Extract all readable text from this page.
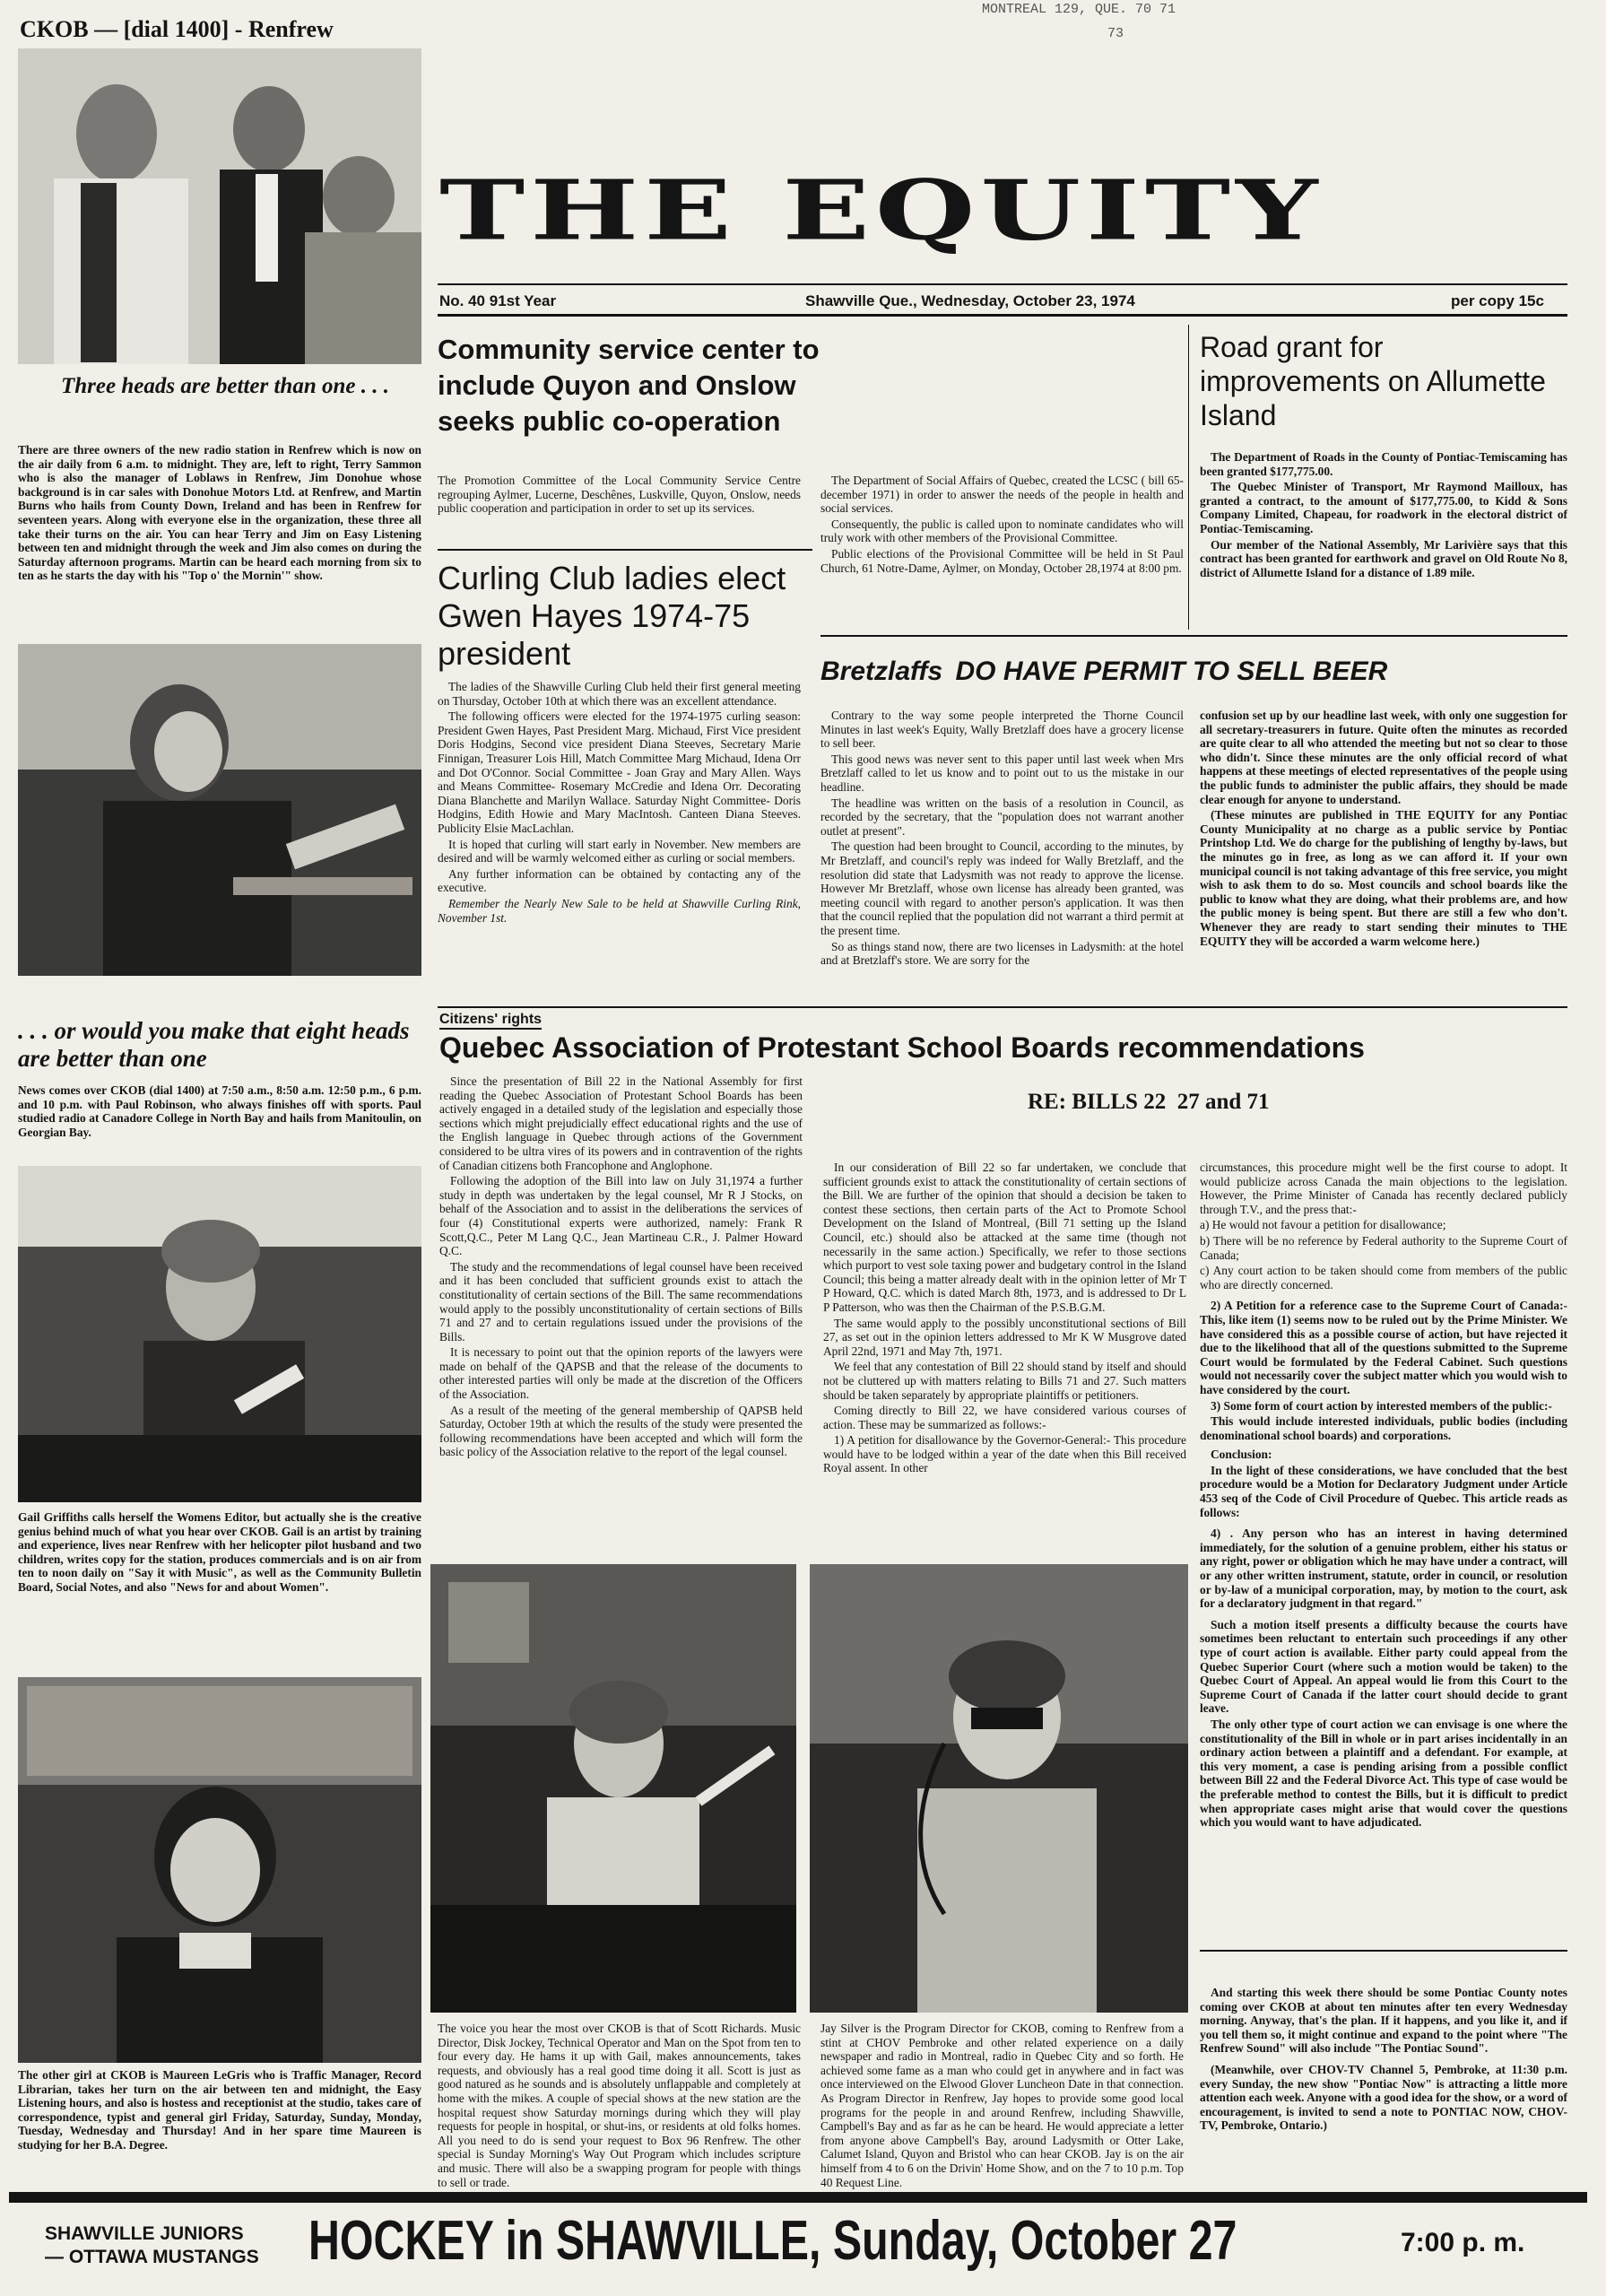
MONTREAL 129, QUE. 70 71
73
CKOB — [dial 1400] - Renfrew
Three heads are better than one . . .
There are three owners of the new radio station in Renfrew which is now on the air daily from 6 a.m. to midnight. They are, left to right, Terry Sammon who is also the manager of Loblaws in Renfrew, Jim Donohue whose background is in car sales with Donohue Motors Ltd. at Renfrew, and Martin Burns who hails from County Down, Ireland and has been in Renfrew for seventeen years. Along with everyone else in the organization, these three all take their turns on the air. You can hear Terry and Jim on Easy Listening between ten and midnight through the week and Jim also comes on during the Saturday afternoon programs. Martin can be heard each morning from six to ten as he starts the day with his "Top o' the Mornin'" show.
. . . or would you make that eight heads are better than one
News comes over CKOB (dial 1400) at 7:50 a.m., 8:50 a.m. 12:50 p.m., 6 p.m. and 10 p.m. with Paul Robinson, who always finishes off with sports. Paul studied radio at Canadore College in North Bay and hails from Manitoulin, on Georgian Bay.
Gail Griffiths calls herself the Womens Editor, but actually she is the creative genius behind much of what you hear over CKOB. Gail is an artist by training and experience, lives near Renfrew with her helicopter pilot husband and two children, writes copy for the station, produces commercials and is on air from ten to noon daily on "Say it with Music", as well as the Community Bulletin Board, Social Notes, and also "News for and about Women".
The other girl at CKOB is Maureen LeGris who is Traffic Manager, Record Librarian, takes her turn on the air between ten and midnight, the Easy Listening hours, and also is hostess and receptionist at the studio, takes care of correspondence, typist and general girl Friday, Saturday, Sunday, Monday, Tuesday, Wednesday and Thursday! And in her spare time Maureen is studying for her B.A. Degree.
THE EQUITY
No. 40 91st Year	Shawville Que., Wednesday, October 23, 1974	per copy 15c
Community service center to include Quyon and Onslow seeks public co-operation
The Promotion Committee of the Local Community Service Centre regrouping Aylmer, Lucerne, Deschênes, Luskville, Quyon, Onslow, needs public cooperation and participation in order to set up its services.

The Department of Social Affairs of Quebec, created the LCSC ( bill 65- december 1971) in order to answer the needs of the people in health and social services.

Consequently, the public is called upon to nominate candidates who will truly work with other members of the Provisional Committee.

Public elections of the Provisional Committee will be held in St Paul Church, 61 Notre-Dame, Aylmer, on Monday, October 28,1974 at 8:00 pm.

Road grant for improvements on Allumette Island

The Department of Roads in the County of Pontiac-Temiscaming has been granted $177,775.00.

The Quebec Minister of Transport, Mr Raymond Mailloux, has granted a contract, to the amount of $177,775.00, to Kidd & Sons Company Limited, Chapeau, for roadwork in the electoral district of Pontiac-Temiscaming.

Our member of the National Assembly, Mr Larivière says that this contract has been granted for earthwork and gravel on Old Route No 8, district of Allumette Island for a distance of 1.89 mile.

Curling Club ladies elect Gwen Hayes 1974-75 president

The ladies of the Shawville Curling Club held their first general meeting on Thursday, October 10th at which there was an excellent attendance.

The following officers were elected for the 1974-1975 curling season: President Gwen Hayes, Past President Marg. Michaud, First Vice president Doris Hodgins, Second vice president Diana Steeves, Secretary Marie Finnigan, Treasurer Lois Hill, Match Committee Marg Michaud, Idena Orr and Dot O'Connor. Social Committee - Joan Gray and Mary Allen. Ways and Means Committee- Rosemary McCredie and Idena Orr. Decorating Diana Blanchette and Marilyn Wallace. Saturday Night Committee- Doris Hodgins, Edith Howie and Mary MacIntosh. Canteen Diana Steeves. Publicity Elsie MacLachlan.

It is hoped that curling will start early in November. New members are desired and will be warmly welcomed either as curling or social members.

Any further information can be obtained by contacting any of the executive.

Remember the Nearly New Sale to be held at Shawville Curling Rink, November 1st.

Bretzlaffs DO HAVE PERMIT TO SELL BEER

Contrary to the way some people interpreted the Thorne Council Minutes in last week's Equity, Wally Bretzlaff does have a grocery license to sell beer.

This good news was never sent to this paper until last week when Mrs Bretzlaff called to let us know and to point out to us the mistake in our headline.

The headline was written on the basis of a resolution in Council, as recorded by the secretary, that the "population does not warrant another outlet at present".

The question had been brought to Council, according to the minutes, by Mr Bretzlaff, and council's reply was indeed for Wally Bretzlaff, and the resolution did state that Ladysmith was not ready to approve the license. However Mr Bretzlaff, whose own license has already been granted, was meeting council with regard to another person's application. It was then that the council replied that the population did not warrant a third permit at the present time.

So as things stand now, there are two licenses in Ladysmith: at the hotel and at Bretzlaff's store. We are sorry for the

confusion set up by our headline last week, with only one suggestion for all secretary-treasurers in future. Quite often the minutes as recorded are quite clear to all who attended the meeting but not so clear to those who didn't. Since these minutes are the only official record of what happens at these meetings of elected representatives of the people using the public funds to administer the public affairs, they should be made clear enough for anyone to understand.

(These minutes are published in THE EQUITY for any Pontiac County Municipality at no charge as a public service by Pontiac Printshop Ltd. We do charge for the publishing of lengthy by-laws, but the minutes go in free, as long as we can afford it. If your own municipal council is not taking advantage of this free service, you might wish to ask them to do so. Most councils and school boards like the public to know what they are doing, what their problems are, and how the public money is being spent. But there are still a few who don't. Whenever they are ready to start sending their minutes to THE EQUITY they will be accorded a warm welcome here.)

Citizens' rights
Quebec Association of Protestant School Boards recommendations
RE: BILLS 22  27 and 71

Since the presentation of Bill 22 in the National Assembly for first reading the Quebec Association of Protestant School Boards has been actively engaged in a detailed study of the legislation and especially those sections which might prejudicially effect educational rights and the use of the English language in Quebec through actions of the Government considered to be ultra vires of its powers and in contravention of the rights of Canadian citizens both Francophone and Anglophone.

Following the adoption of the Bill into law on July 31,1974 a further study in depth was undertaken by the legal counsel, Mr R J Stocks, on behalf of the Association and to assist in the deliberations the services of four (4) Constitutional experts were authorized, namely: Frank R Scott,Q.C., Peter M Lang Q.C., Jean Martineau C.R., J. Palmer Howard Q.C.

The study and the recommendations of legal counsel have been received and it has been concluded that sufficient grounds exist to attach the constitutionality of certain sections of the Bill. The same recommendations would apply to the possibly unconstitutionality of certain sections of Bills 71 and 27 and to certain regulations issued under the provisions of the Bills.

It is necessary to point out that the opinion reports of the lawyers were made on behalf of the QAPSB and that the release of the documents to other interested parties will only be made at the discretion of the Officers of the Association.

As a result of the meeting of the general membership of QAPSB held Saturday, October 19th at which the results of the study were presented the following recommendations have been accepted and which will form the basic policy of the Association relative to the report of the legal counsel.

In our consideration of Bill 22 so far undertaken, we conclude that sufficient grounds exist to attack the constitutionality of certain sections of the Bill. We are further of the opinion that should a decision be taken to contest these sections, then certain parts of the Act to Promote School Development on the Island of Montreal, (Bill 71 setting up the Island Council, etc.) should also be attacked at the same time (though not necessarily in the same action.) Specifically, we refer to those sections which purport to vest sole taxing power and budgetary control in the Island Council; this being a matter already dealt with in the opinion letter of Mr T P Howard, Q.C. which is dated March 8th, 1973, and is addressed to Dr L P Patterson, who was then the Chairman of the P.S.B.G.M.

The same would apply to the possibly unconstitutional sections of Bill 27, as set out in the opinion letters addressed to Mr K W Musgrove dated April 22nd, 1971 and May 7th, 1971.

We feel that any contestation of Bill 22 should stand by itself and should not be cluttered up with matters relating to Bills 71 and 27. Such matters should be taken separately by appropriate plaintiffs or petitioners.

Coming directly to Bill 22, we have considered various courses of action. These may be summarized as follows:-

1) A petition for disallowance by the Governor-General:- This procedure would have to be lodged within a year of the date when this Bill received Royal assent. In other

circumstances, this procedure might well be the first course to adopt. It would publicize across Canada the main objections to the legislation. However, the Prime Minister of Canada has recently declared publicly through T.V., and the press that:-

a) He would not favour a petition for disallowance;

b) There will be no reference by Federal authority to the Supreme Court of Canada;

c) Any court action to be taken should come from members of the public who are directly concerned.

2) A Petition for a reference case to the Supreme Court of Canada:- This, like item (1) seems now to be ruled out by the Prime Minister. We have considered this as a possible course of action, but have rejected it due to the likelihood that all of the questions submitted to the Supreme Court would be formulated by the Federal Cabinet. Such questions would not necessarily cover the subject matter which you would wish to have considered by the court.

3) Some form of court action by interested members of the public:-

This would include interested individuals, public bodies (including denominational school boards) and corporations.

Conclusion:

In the light of these considerations, we have concluded that the best procedure would be a Motion for Declaratory Judgment under Article 453 seq of the Code of Civil Procedure of Quebec. This article reads as follows:

4) . Any person who has an interest in having determined immediately, for the solution of a genuine problem, either his status or any right, power or obligation which he may have under a contract, will or any other written instrument, statute, order in council, or resolution or by-law of a municipal corporation, may, by motion to the court, ask for a declaratory judgment in that regard."

Such a motion itself presents a difficulty because the courts have sometimes been reluctant to entertain such proceedings if any other type of court action is available. Either party could appeal from the Quebec Superior Court (where such a motion would be taken) to the Quebec Court of Appeal. An appeal would lie from this Court to the Supreme Court of Canada if the latter court should decide to grant leave.

The only other type of court action we can envisage is one where the constitutionality of the Bill in whole or in part arises incidentally in an ordinary action between a plaintiff and a defendant. For example, at this very moment, a case is pending arising from a possible conflict between Bill 22 and the Federal Divorce Act. This type of case would be the preferable method to contest the Bills, but it is difficult to predict when appropriate cases might arise that would cover the questions which you would want to have adjudicated.

The voice you hear the most over CKOB is that of Scott Richards. Music Director, Disk Jockey, Technical Operator and Man on the Spot from ten to four every day. He hams it up with Gail, makes announcements, takes requests, and obviously has a real good time doing it all. Scott is just as good natured as he sounds and is absolutely unflappable and completely at home with the mikes. A couple of special shows at the new station are the hospital request show Saturday mornings during which they will play requests for people in hospital, or shut-ins, or residents at old folks homes. All you need to do is send your request to Box 96 Renfrew. The other special is Sunday Morning's Way Out Program which includes scripture and music. There will also be a swapping program for people with things to sell or trade.
Jay Silver is the Program Director for CKOB, coming to Renfrew from a stint at CHOV Pembroke and other related experience on a daily newspaper and radio in Montreal, radio in Quebec City and so forth. He achieved some fame as a man who could get in anywhere and in fact was once interviewed on the Elwood Glover Luncheon Date in that connection. As Program Director in Renfrew, Jay hopes to provide some good local programs for the people in and around Renfrew, including Shawville, Campbell's Bay and as far as he can be heard. He would appreciate a letter from anyone above Campbell's Bay, around Ladysmith or Otter Lake, Calumet Island, Quyon and Bristol who can hear CKOB. Jay is on the air himself from 4 to 6 on the Drivin' Home Show, and on the 7 to 10 p.m. Top 40 Request Line.

And starting this week there should be some Pontiac County notes coming over CKOB at about ten minutes after ten every Wednesday morning. Anyway, that's the plan. If it happens, and you like it, and if you tell them so, it might continue and expand to the point where "The Renfrew Sound" will also include "The Pontiac Sound".

(Meanwhile, over CHOV-TV Channel 5, Pembroke, at 11:30 p.m. every Sunday, the new show "Pontiac Now" is attracting a little more attention each week. Anyone with a good idea for the show, or a word of encouragement, is invited to send a note to PONTIAC NOW, CHOV-TV, Pembroke, Ontario.)

SHAWVILLE JUNIORS
— OTTAWA MUSTANGS HOCKEY in SHAWVILLE, Sunday, October 27	7:00 p. m.
